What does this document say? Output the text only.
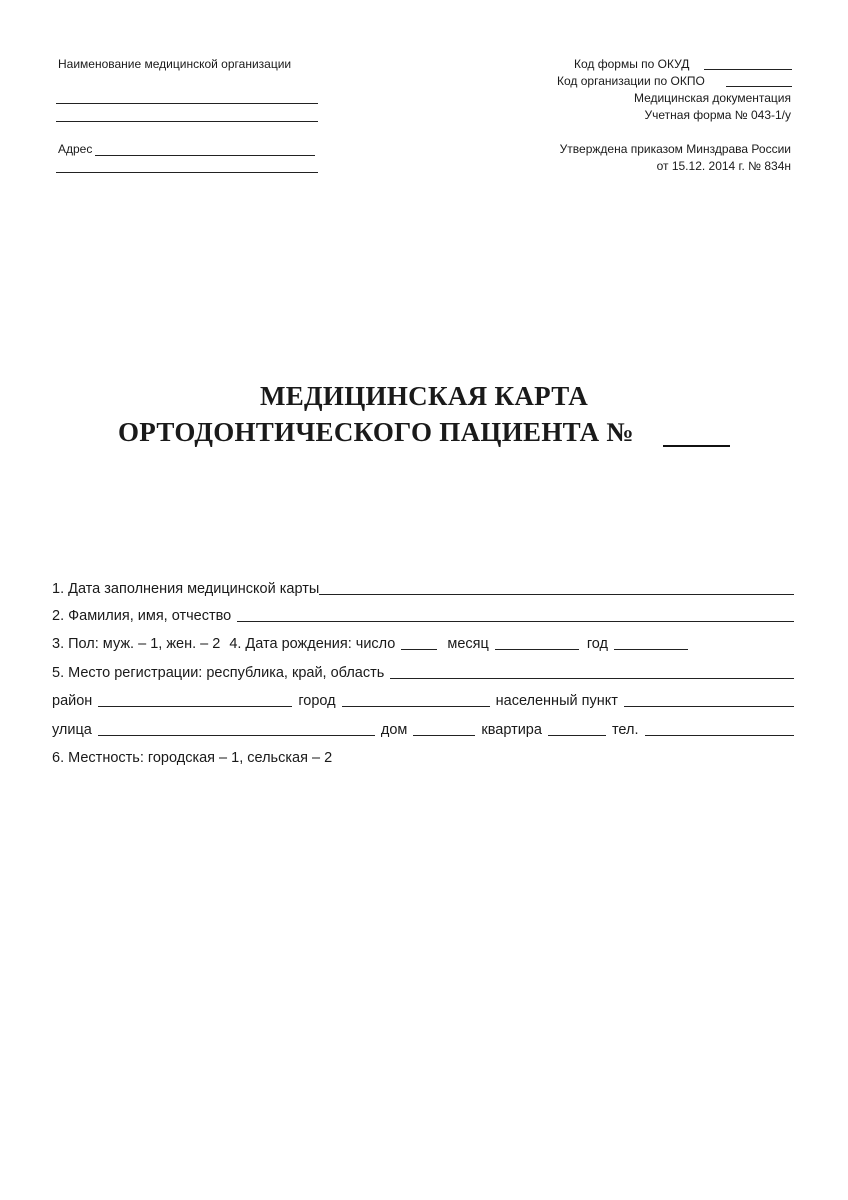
Наименование медицинской организации
Адрес
Код формы по ОКУД
Код организации по ОКПО
Медицинская документация
Учетная форма № 043-1/у
Утверждена приказом Минздрава России
от 15.12. 2014 г. № 834н
МЕДИЦИНСКАЯ КАРТА
ОРТОДОНТИЧЕСКОГО ПАЦИЕНТА №
1. Дата заполнения медицинской карты
2. Фамилия, имя, отчество
3. Пол: муж. – 1, жен. – 2 4. Дата рождения: число	месяц	год
5. Место регистрации: республика, край, область
район	город	населенный пункт
улица	дом	квартира	тел.
6. Местность: городская – 1, сельская – 2
